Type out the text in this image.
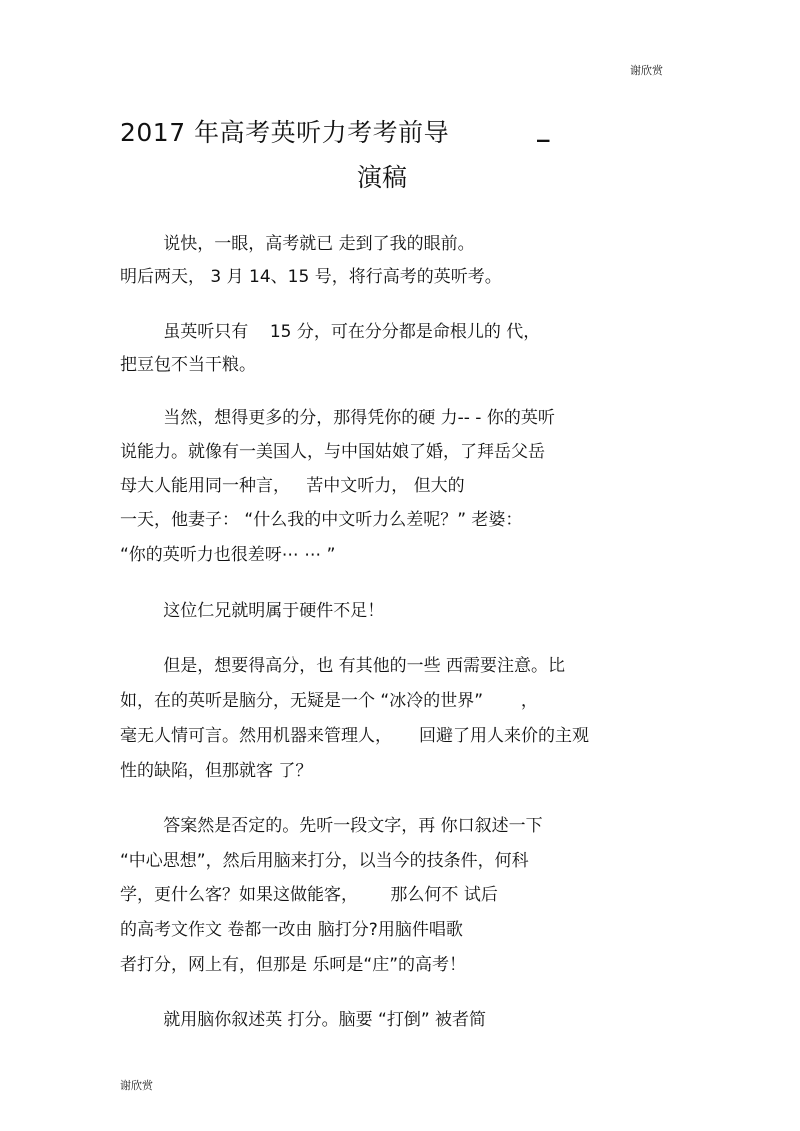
谢欣赏
2017 年高考英听力考考前导	_
演稿
说快，一眼，高考就已 走到了我的眼前。
明后两天， 3 月 14、15 号，将行高考的英听考。
虽英听只有    15 分，可在分分都是命根儿的 代，
把豆包不当干粮。
当然，想得更多的分，那得凭你的硬 力-- - 你的英听
说能力。就像有一美国人，与中国姑娘了婚，了拜岳父岳
母大人能用同一种言，   苦中文听力， 但大的
一天，他妻子： “什么我的中文听力么差呢？” 老婆：
“你的英听力也很差呀⋯ ⋯ ”
这位仁兄就明属于硬件不足！
但是，想要得高分，也 有其他的一些 西需要注意。比
如，在的英听是脑分，无疑是一个 “冰冷的世界”       ，
毫无人情可言。然用机器来管理人，     回避了用人来价的主观
性的缺陷，但那就客 了？
答案然是否定的。先听一段文字，再 你口叙述一下
“中心思想”，然后用脑来打分，以当今的技条件，何科
学，更什么客？如果这做能客，      那么何不 试后
的高考文作文 卷都一改由 脑打分?用脑件唱歌
者打分，网上有，但那是 乐呵是“庄”的高考！
就用脑你叙述英 打分。脑要 “打倒” 被者简
谢欣赏
